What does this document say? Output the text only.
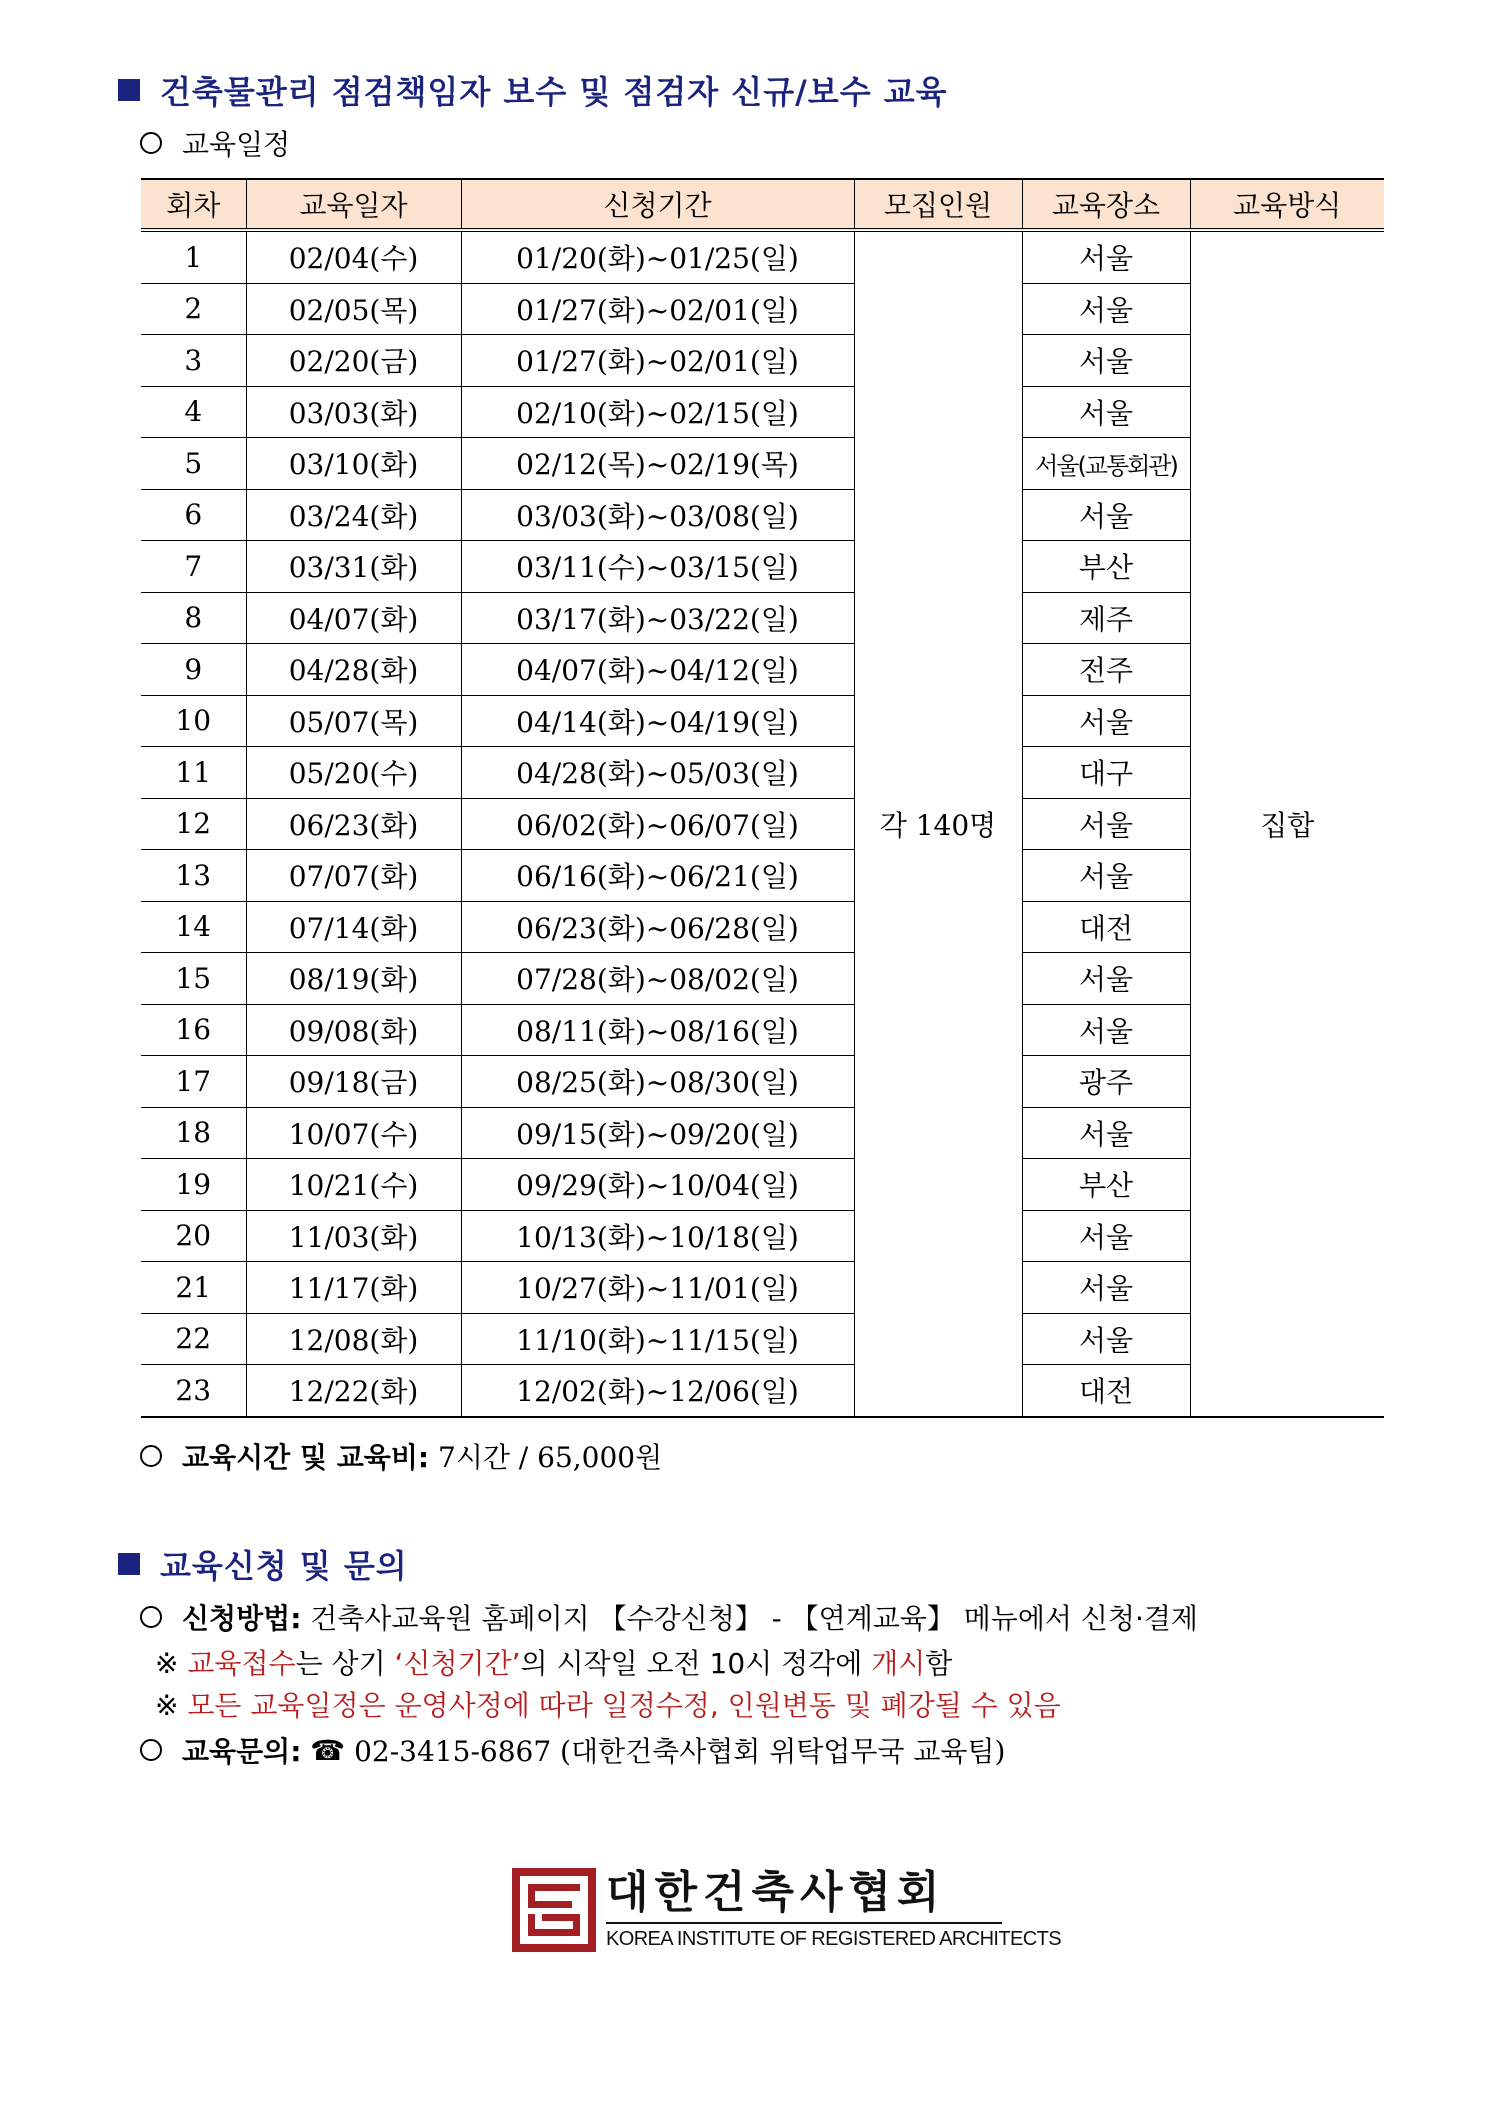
건축물관리 점검책임자 보수 및 점검자 신규/보수 교육
교육일정
회차	교육일자	신청기간	모집인원	교육장소	교육방식
1	02/04(수)	01/20(화)~01/25(일)	각 140명	서울	집합
2	02/05(목)	01/27(화)~02/01(일)		서울	
3	02/20(금)	01/27(화)~02/01(일)		서울	
4	03/03(화)	02/10(화)~02/15(일)		서울	
5	03/10(화)	02/12(목)~02/19(목)		서울(교통회관)	
6	03/24(화)	03/03(화)~03/08(일)		서울	
7	03/31(화)	03/11(수)~03/15(일)		부산	
8	04/07(화)	03/17(화)~03/22(일)		제주	
9	04/28(화)	04/07(화)~04/12(일)		전주	
10	05/07(목)	04/14(화)~04/19(일)		서울	
11	05/20(수)	04/28(화)~05/03(일)		대구	
12	06/23(화)	06/02(화)~06/07(일)		서울	
13	07/07(화)	06/16(화)~06/21(일)		서울	
14	07/14(화)	06/23(화)~06/28(일)		대전	
15	08/19(화)	07/28(화)~08/02(일)		서울	
16	09/08(화)	08/11(화)~08/16(일)		서울	
17	09/18(금)	08/25(화)~08/30(일)		광주	
18	10/07(수)	09/15(화)~09/20(일)		서울	
19	10/21(수)	09/29(화)~10/04(일)		부산	
20	11/03(화)	10/13(화)~10/18(일)		서울	
21	11/17(화)	10/27(화)~11/01(일)		서울	
22	12/08(화)	11/10(화)~11/15(일)		서울	
23	12/22(화)	12/02(화)~12/06(일)		대전	
교육시간 및 교육비:
7시간 / 65,000원
교육신청 및 문의
신청방법:
건축사교육원 홈페이지 【수강신청】 - 【연계교육】 메뉴에서 신청·결제
※ 교육접수는 상기 ‘신청기간’의 시작일 오전 10시 정각에 개시함
※ 모든 교육일정은 운영사정에 따라 일정수정, 인원변동 및 폐강될 수 있음
교육문의:
☎
02-3415-6867 (대한건축사협회 위탁업무국 교육팀)
대한건축사협회
KOREA INSTITUTE OF REGISTERED ARCHITECTS
